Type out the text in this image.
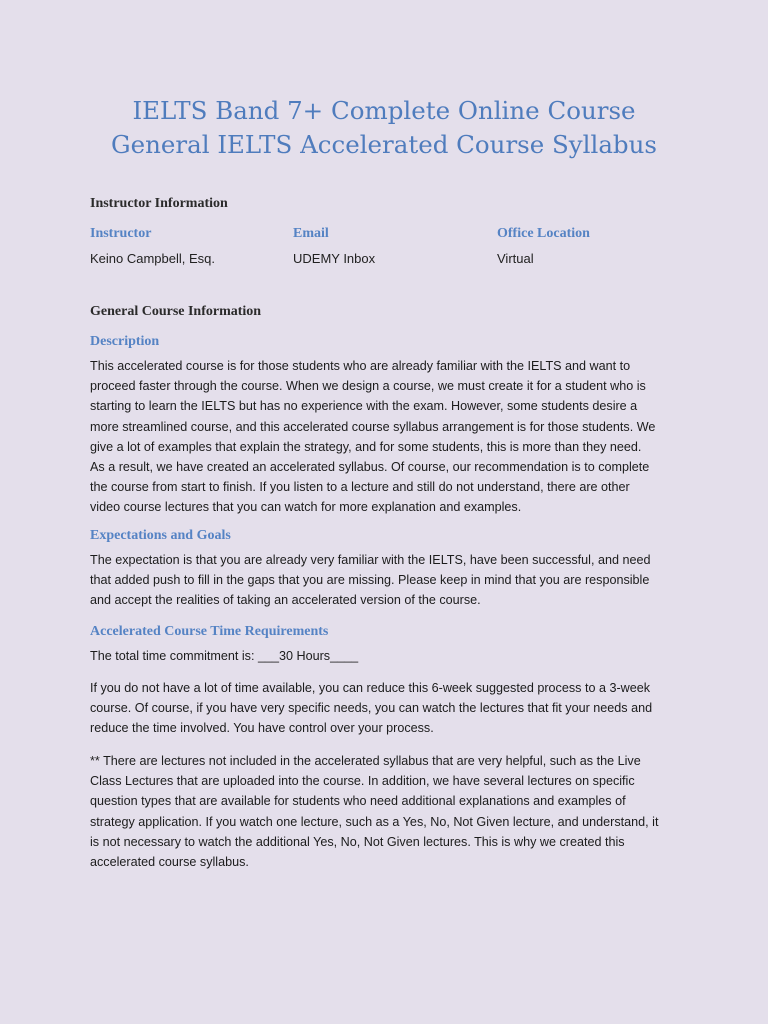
IELTS Band 7+ Complete Online Course
General IELTS Accelerated Course Syllabus
Instructor Information
Instructor
Keino Campbell, Esq.
Email
UDEMY Inbox
Office Location
Virtual
General Course Information
Description
This accelerated course is for those students who are already familiar with the IELTS and want to
proceed faster through the course. When we design a course, we must create it for a student who is
starting to learn the IELTS but has no experience with the exam. However, some students desire a
more streamlined course, and this accelerated course syllabus arrangement is for those students. We
give a lot of examples that explain the strategy, and for some students, this is more than they need.
As a result, we have created an accelerated syllabus. Of course, our recommendation is to complete
the course from start to finish. If you listen to a lecture and still do not understand, there are other
video course lectures that you can watch for more explanation and examples.
Expectations and Goals
The expectation is that you are already very familiar with the IELTS, have been successful, and need
that added push to fill in the gaps that you are missing. Please keep in mind that you are responsible
and accept the realities of taking an accelerated version of the course.
Accelerated Course Time Requirements
The total time commitment is: ___30 Hours____
If you do not have a lot of time available, you can reduce this 6-week suggested process to a 3-week
course. Of course, if you have very specific needs, you can watch the lectures that fit your needs and
reduce the time involved. You have control over your process.
** There are lectures not included in the accelerated syllabus that are very helpful, such as the Live
Class Lectures that are uploaded into the course. In addition, we have several lectures on specific
question types that are available for students who need additional explanations and examples of
strategy application. If you watch one lecture, such as a Yes, No, Not Given lecture, and understand, it
is not necessary to watch the additional Yes, No, Not Given lectures. This is why we created this
accelerated course syllabus.
